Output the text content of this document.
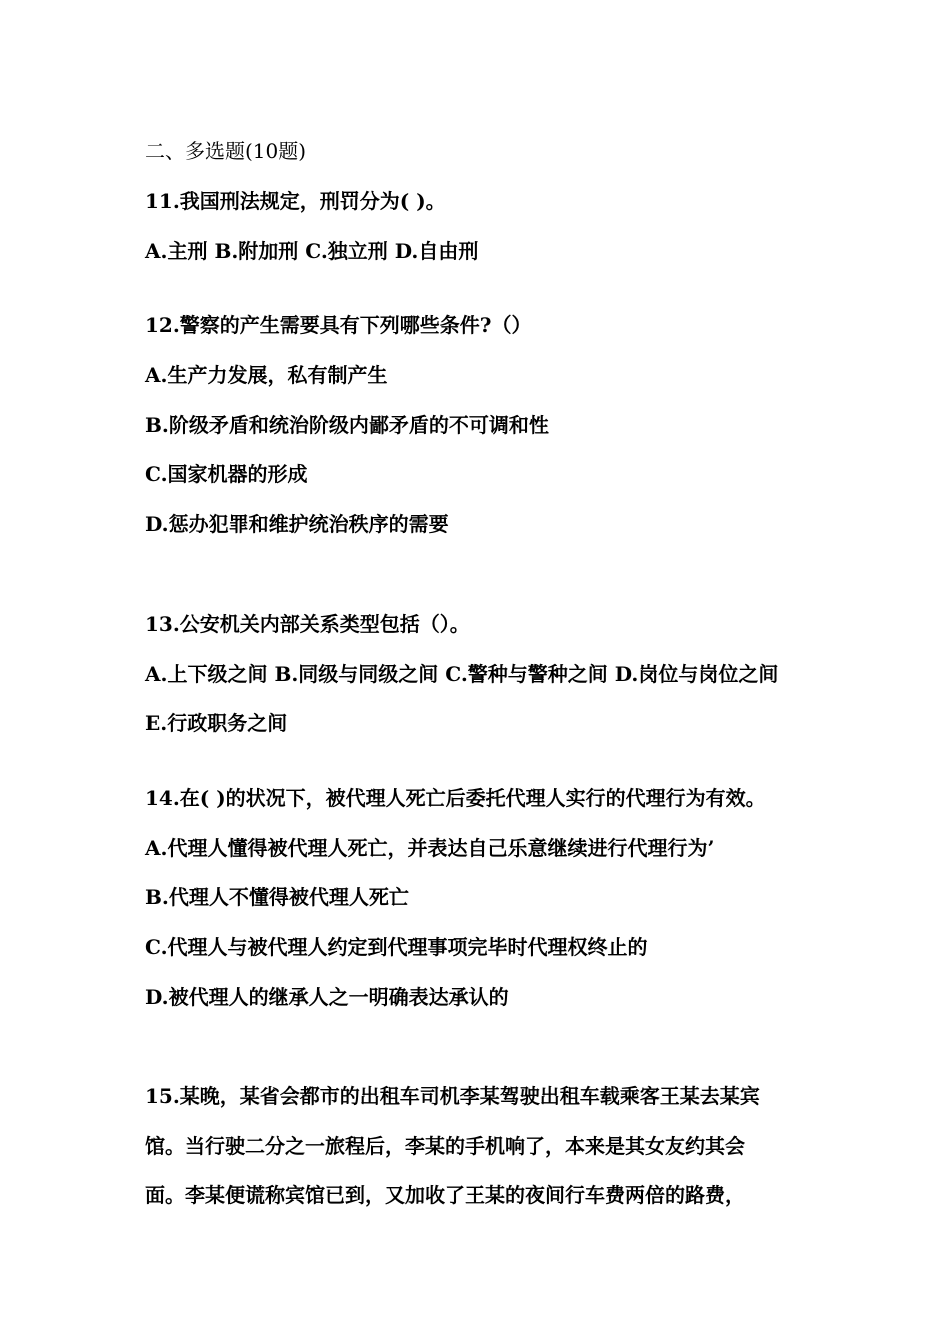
二、多选题(10题)
11.我国刑法规定，刑罚分为( )。
A.主刑 B.附加刑 C.独立刑 D.自由刑
12.警察的产生需要具有下列哪些条件?（）
A.生产力发展，私有制产生
B.阶级矛盾和统治阶级内鄙矛盾的不可调和性
C.国家机器的形成
D.惩办犯罪和维护统治秩序的需要
13.公安机关内部关系类型包括（）。
A.上下级之间 B.同级与同级之间 C.警种与警种之间 D.岗位与岗位之间
E.行政职务之间
14.在( )的状况下，被代理人死亡后委托代理人实行的代理行为有效。
A.代理人懂得被代理人死亡，并表达自己乐意继续进行代理行为’
B.代理人不懂得被代理人死亡
C.代理人与被代理人约定到代理事项完毕时代理权终止的
D.被代理人的继承人之一明确表达承认的
15.某晚，某省会都市的出租车司机李某驾驶出租车载乘客王某去某宾
馆。当行驶二分之一旅程后，李某的手机响了，本来是其女友约其会
面。李某便谎称宾馆已到，又加收了王某的夜间行车费两倍的路费，
